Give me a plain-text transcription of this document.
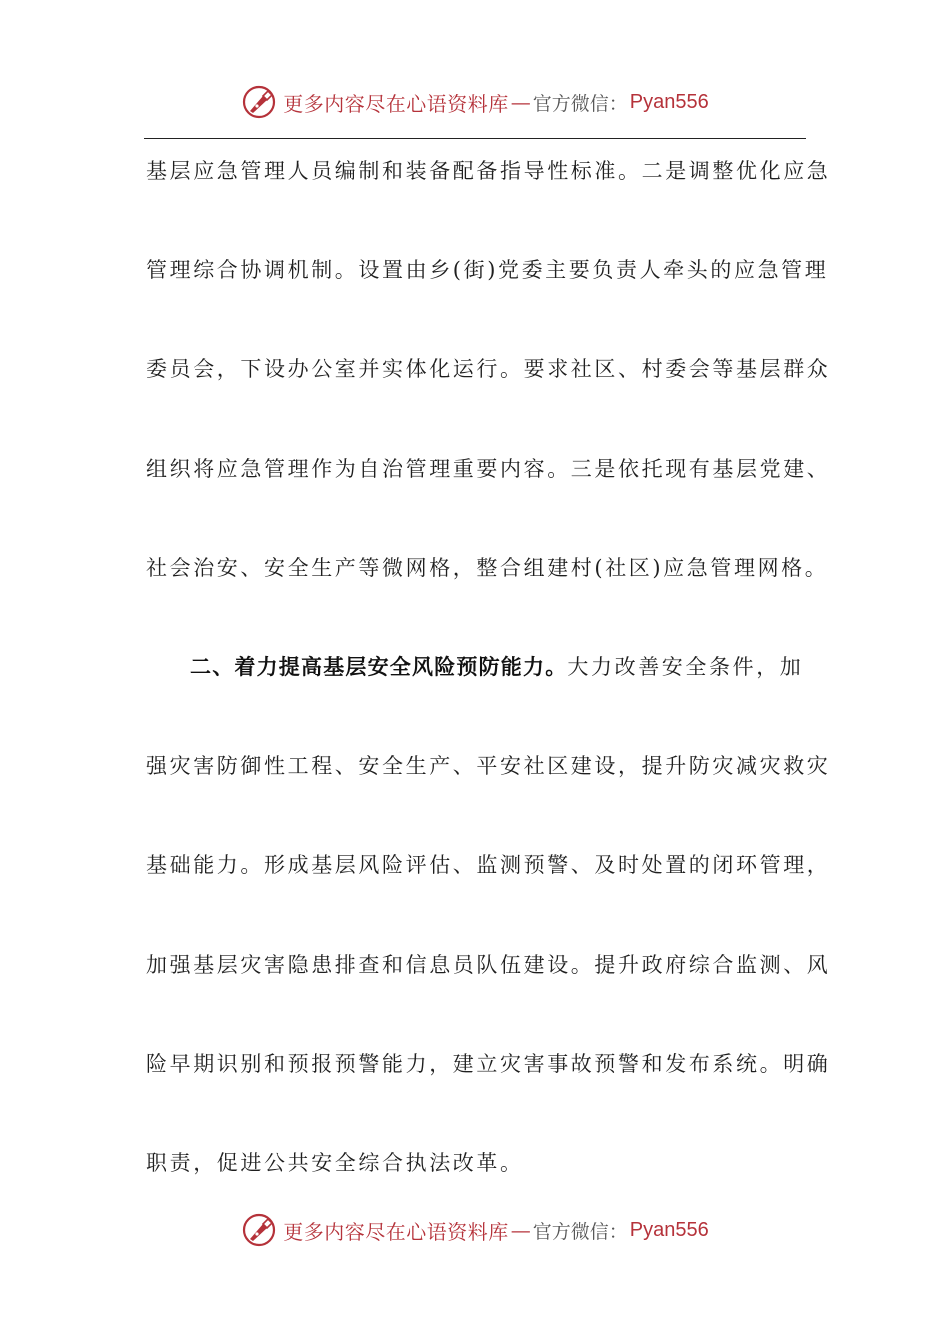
更多内容尽在心语资料库 — 官方微信： Pyan556
基层应急管理人员编制和装备配备指导性标准。二是调整优化应急
管理综合协调机制。设置由乡(街)党委主要负责人牵头的应急管理
委员会，下设办公室并实体化运行。要求社区、村委会等基层群众
组织将应急管理作为自治管理重要内容。三是依托现有基层党建、
社会治安、安全生产等微网格，整合组建村(社区)应急管理网格。
二、着力提高基层安全风险预防能力。大力改善安全条件，加
强灾害防御性工程、安全生产、平安社区建设，提升防灾减灾救灾
基础能力。形成基层风险评估、监测预警、及时处置的闭环管理，
加强基层灾害隐患排查和信息员队伍建设。提升政府综合监测、风
险早期识别和预报预警能力，建立灾害事故预警和发布系统。明确
职责，促进公共安全综合执法改革。
更多内容尽在心语资料库 — 官方微信： Pyan556
